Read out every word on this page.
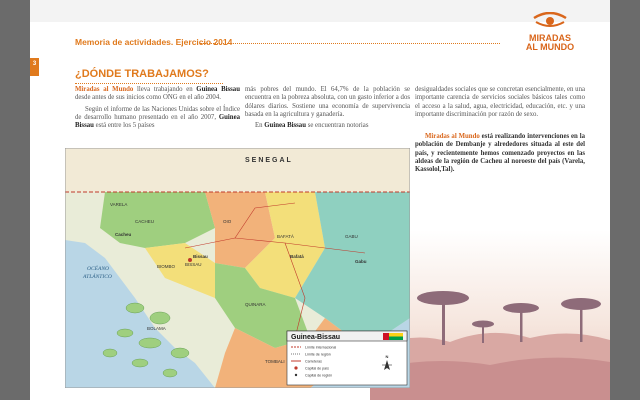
Memoria de actividades. Ejercicio 2014	MIRADAS
AL MUNDO
3
¿DÓNDE TRABAJAMOS?

Miradas al Mundo lleva trabajando en Guinea Bissau desde antes de sus inicios como ONG en el año 2004.

Según el informe de las Naciones Unidas sobre el Índice de desarrollo humano presentado en el año 2007, Guinea Bissau está entre los 5 países

más pobres del mundo. El 64,7% de la población se encuentra en la pobreza absoluta, con un gasto inferior a dos dólares diarios. Sostiene una economía de supervivencia basada en la agricultura y ganadería.

En Guinea Bissau se encuentran notorias

desigualdades sociales que se concretan esencialmente, en una importante carencia de servicios sociales básicos tales como el acceso a la salud, agua, electricidad, educación, etc. y una importante discriminación por razón de sexo.

Miradas al Mundo está realizando intervenciones en la población de Dembanje y alrededores situada al este del país, y recientemente hemos comenzado proyectos en las aldeas de la región de Cacheu al noroeste del país (Varela, Kassolol,Tal).

SENEGAL
OCÉANO
ATLÁNTICO
VARELA
CACHEU	OIO
BAFATÁ	GABU
BISSAU
BIOMBO
QUINARA
TOMBALI
BOLAMA
Bissau
Gabu
Bafatá
Cacheu
Guinea-Bissau
Límite internacional
Límite de región
Carreteras
Capital de país
Capital de región
N
